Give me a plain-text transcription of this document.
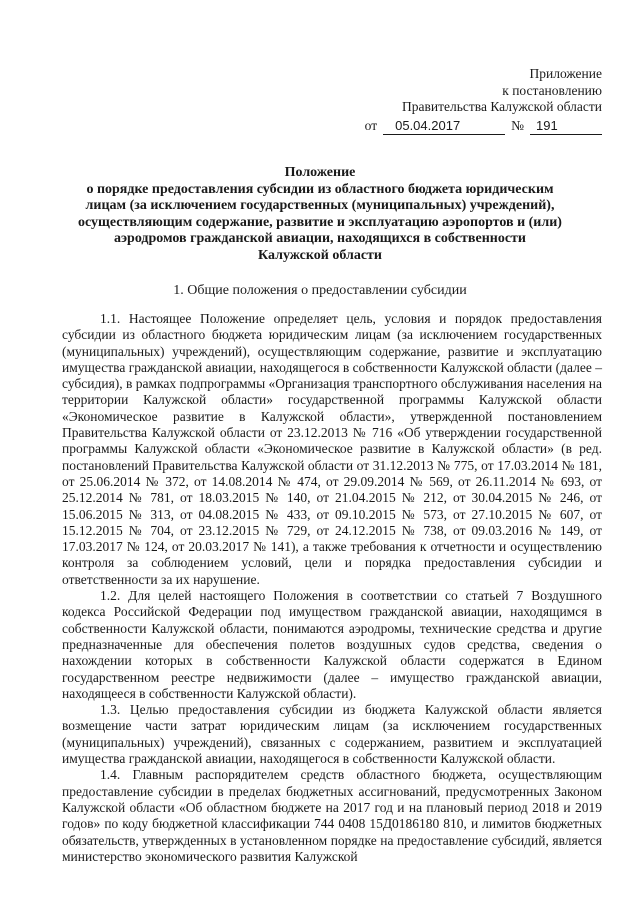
Приложение
к постановлению
Правительства Калужской области
от	05.04.2017	№ 191
Положение
о порядке предоставления субсидии из областного бюджета юридическим
лицам (за исключением государственных (муниципальных) учреждений),
осуществляющим содержание, развитие и эксплуатацию аэропортов и (или)
аэродромов гражданской авиации, находящихся в собственности
Калужской области
1. Общие положения о предоставлении субсидии

1.1. Настоящее Положение определяет цель, условия и порядок предоставления субсидии из областного бюджета юридическим лицам (за исключением государственных (муниципальных) учреждений), осуществляющим содержание, развитие и эксплуатацию имущества гражданской авиации, находящегося в собственности Калужской области (далее – субсидия), в рамках подпрограммы «Организация транспортного обслуживания населения на территории Калужской области» государственной программы Калужской области «Экономическое развитие в Калужской области», утвержденной постановлением Правительства Калужской области от 23.12.2013 № 716 «Об утверждении государственной программы Калужской области «Экономическое развитие в Калужской области» (в ред. постановлений Правительства Калужской области от 31.12.2013 № 775, от 17.03.2014 № 181, от 25.06.2014 № 372, от 14.08.2014 № 474, от 29.09.2014 № 569, от 26.11.2014 № 693, от 25.12.2014 № 781, от 18.03.2015 № 140, от 21.04.2015 № 212, от 30.04.2015 № 246, от 15.06.2015 № 313, от 04.08.2015 № 433, от 09.10.2015 № 573, от 27.10.2015 № 607, от 15.12.2015 № 704, от 23.12.2015 № 729, от 24.12.2015 № 738, от 09.03.2016 № 149, от 17.03.2017 № 124, от 20.03.2017 № 141), а также требования к отчетности и осуществлению контроля за соблюдением условий, цели и порядка предоставления субсидии и ответственности за их нарушение.

1.2. Для целей настоящего Положения в соответствии со статьей 7 Воздушного кодекса Российской Федерации под имуществом гражданской авиации, находящимся в собственности Калужской области, понимаются аэродромы, технические средства и другие предназначенные для обеспечения полетов воздушных судов средства, сведения о нахождении которых в собственности Калужской области содержатся в Едином государственном реестре недвижимости (далее – имущество гражданской авиации, находящееся в собственности Калужской области).

1.3. Целью предоставления субсидии из бюджета Калужской области является возмещение части затрат юридическим лицам (за исключением государственных (муниципальных) учреждений), связанных с содержанием, развитием и эксплуатацией имущества гражданской авиации, находящегося в собственности Калужской области.

1.4. Главным распорядителем средств областного бюджета, осуществляющим предоставление субсидии в пределах бюджетных ассигнований, предусмотренных Законом Калужской области «Об областном бюджете на 2017 год и на плановый период 2018 и 2019 годов» по коду бюджетной классификации 744 0408 15Д0186180 810, и лимитов бюджетных обязательств, утвержденных в установленном порядке на предоставление субсидий, является министерство экономического развития Калужской
